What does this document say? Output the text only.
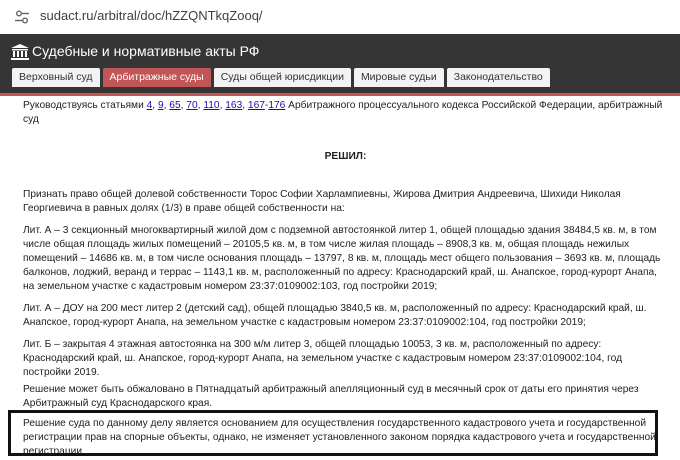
sudact.ru/arbitral/doc/hZZQNTkqZooq/
Судебные и нормативные акты РФ
Верховный суд	Арбитражные суды	Суды общей юрисдикции	Мировые судьи	Законодательство

Руководствуясь статьями 4, 9, 65, 70, 110, 163, 167-176 Арбитражного процессуального кодекса Российской Федерации, арбитражный суд

РЕШИЛ:

Признать право общей долевой собственности Торос Софии Харлампиевны, Жирова Дмитрия Андреевича, Шихиди Николая Георгиевича в равных долях (1/3) в праве общей собственности на:

Лит. А – 3 секционный многоквартирный жилой дом с подземной автостоянкой литер 1, общей площадью здания 38484,5 кв. м, в том числе общая площадь жилых помещений – 20105,5 кв. м, в том числе жилая площадь – 8908,3 кв. м, общая площадь нежилых помещений – 14686 кв. м, в том числе основания площадь – 13797, 8 кв. м, площадь мест общего пользования – 3693 кв. м, площадь балконов, лоджий, веранд и террас – 1143,1 кв. м, расположенный по адресу: Краснодарский край, ш. Анапское, город-курорт Анапа, на земельном участке с кадастровым номером 23:37:0109002:103, год постройки 2019;

Лит. А – ДОУ на 200 мест литер 2 (детский сад), общей площадью 3840,5 кв. м, расположенный по адресу: Краснодарский край, ш. Анапское, город-курорт Анапа, на земельном участке с кадастровым номером 23:37:0109002:104, год постройки 2019;

Лит. Б – закрытая 4 этажная автостоянка на 300 м/м литер 3, общей площадью 10053, 3 кв. м, расположенный по адресу: Краснодарский край, ш. Анапское, город-курорт Анапа, на земельном участке с кадастровым номером 23:37:0109002:104, год постройки 2019.

Решение может быть обжаловано в Пятнадцатый арбитражный апелляционный суд в месячный срок от даты его принятия через Арбитражный суд Краснодарского края.

Решение суда по данному делу является основанием для осуществления государственного кадастрового учета и государственной регистрации прав на спорные объекты, однако, не изменяет установленного законом порядка кадастрового учета и государственной регистрации
